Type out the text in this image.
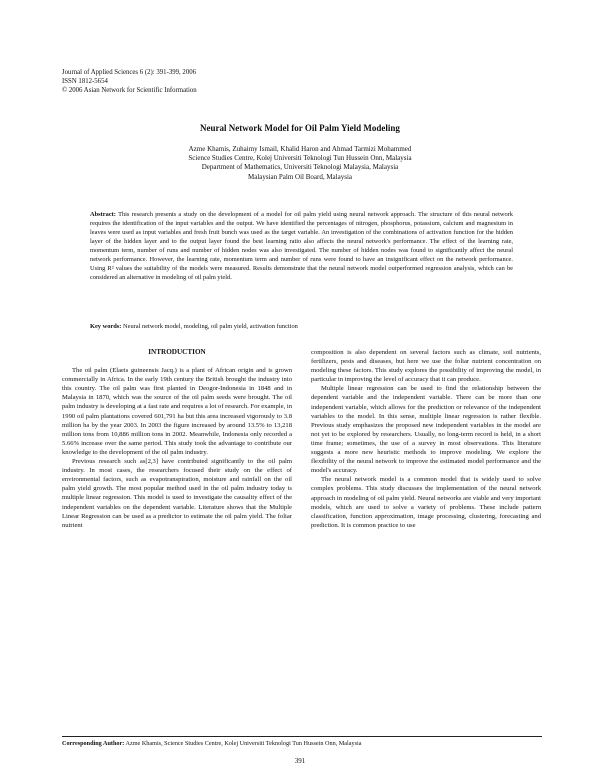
Journal of Applied Sciences 6 (2): 391-399, 2006
ISSN 1812-5654
© 2006 Asian Network for Scientific Information
Neural Network Model for Oil Palm Yield Modeling
Azme Khamis, Zuhaimy Ismail, Khalid Haron and Ahmad Tarmizi Mohammed
Science Studies Centre, Kolej Universiti Teknologi Tun Hussein Onn, Malaysia
Department of Mathematics, Universiti Teknologi Malaysia, Malaysia
Malaysian Palm Oil Board, Malaysia
Abstract: This research presents a study on the development of a model for oil palm yield using neural network approach. The structure of this neural network requires the identification of the input variables and the output. We have identified the percentages of nitrogen, phosphorus, potassium, calcium and magnesium in leaves were used as input variables and fresh fruit bunch was used as the target variable. An investigation of the combinations of activation function for the hidden layer of the hidden layer and to the output layer found the best learning ratio also affects the neural network's performance. The effect of the learning rate, momentum term, number of runs and number of hidden nodes was also investigated. The number of hidden nodes was found to significantly affect the neural network performance. However, the learning rate, momentum term and number of runs were found to have an insignificant effect on the network performance. Using R² values the suitability of the models were measured. Results demonstrate that the neural network model outperformed regression analysis, which can be considered an alternative in modeling of oil palm yield.
Key words: Neural network model, modeling, oil palm yield, activation function
INTRODUCTION

The oil palm (Elaeis guineensis Jacq.) is a plant of African origin and is grown commercially in Africa. In the early 19th century the British brought the industry into this country. The oil palm was first planted in Deogor-Indonesia in 1848 and in Malaysia in 1870, which was the source of the oil palm seeds were brought. The oil palm industry is developing at a fast rate and requires a lot of research. For example, in 1990 oil palm plantations covered 601,791 ha but this area increased vigorously to 3.8 million ha by the year 2003. In 2003 the figure increased by around 13.5% to 13,218 million tons from 10,886 million tons in 2002. Meanwhile, Indonesia only recorded a 5.66% increase over the same period. This study took the advantage to contribute our knowledge to the development of the oil palm industry.

Previous research such as[2,3] have contributed significantly to the oil palm industry. In most cases, the researchers focused their study on the effect of environmental factors, such as evapotranspiration, moisture and rainfall on the oil palm yield growth. The most popular method used in the oil palm industry today is multiple linear regression. This model is used to investigate the causality effect of the independent variables on the dependent variable. Literature shows that the Multiple Linear Regression can be used as a predictor to estimate the oil palm yield. The foliar nutrient

composition is also dependent on several factors such as climate, soil nutrients, fertilizers, pests and diseases, but here we use the foliar nutrient concentration on modeling these factors. This study explores the possibility of improving the model, in particular in improving the level of accuracy that it can produce.

Multiple linear regression can be used to find the relationship between the dependent variable and the independent variable. There can be more than one independent variable, which allows for the prediction or relevance of the independent variables to the model. In this sense, multiple linear regression is rather flexible. Previous study emphasizes the proposed new independent variables in the model are not yet to be explored by researchers. Usually, no long-term record is held, in a short time frame; sometimes, the use of a survey in most observations. This literature suggests a more new heuristic methods to improve modeling. We explore the flexibility of the neural network to improve the estimated model performance and the model's accuracy.

The neural network model is a common model that is widely used to solve complex problems. This study discusses the implementation of the neural network approach in modeling of oil palm yield. Neural networks are viable and very important models, which are used to solve a variety of problems. These include pattern classification, function approximation, image processing, clustering, forecasting and prediction. It is common practice to use

Corresponding Author: Azme Khamis, Science Studies Centre, Kolej Universiti Teknologi Tun Hussein Onn, Malaysia
391
